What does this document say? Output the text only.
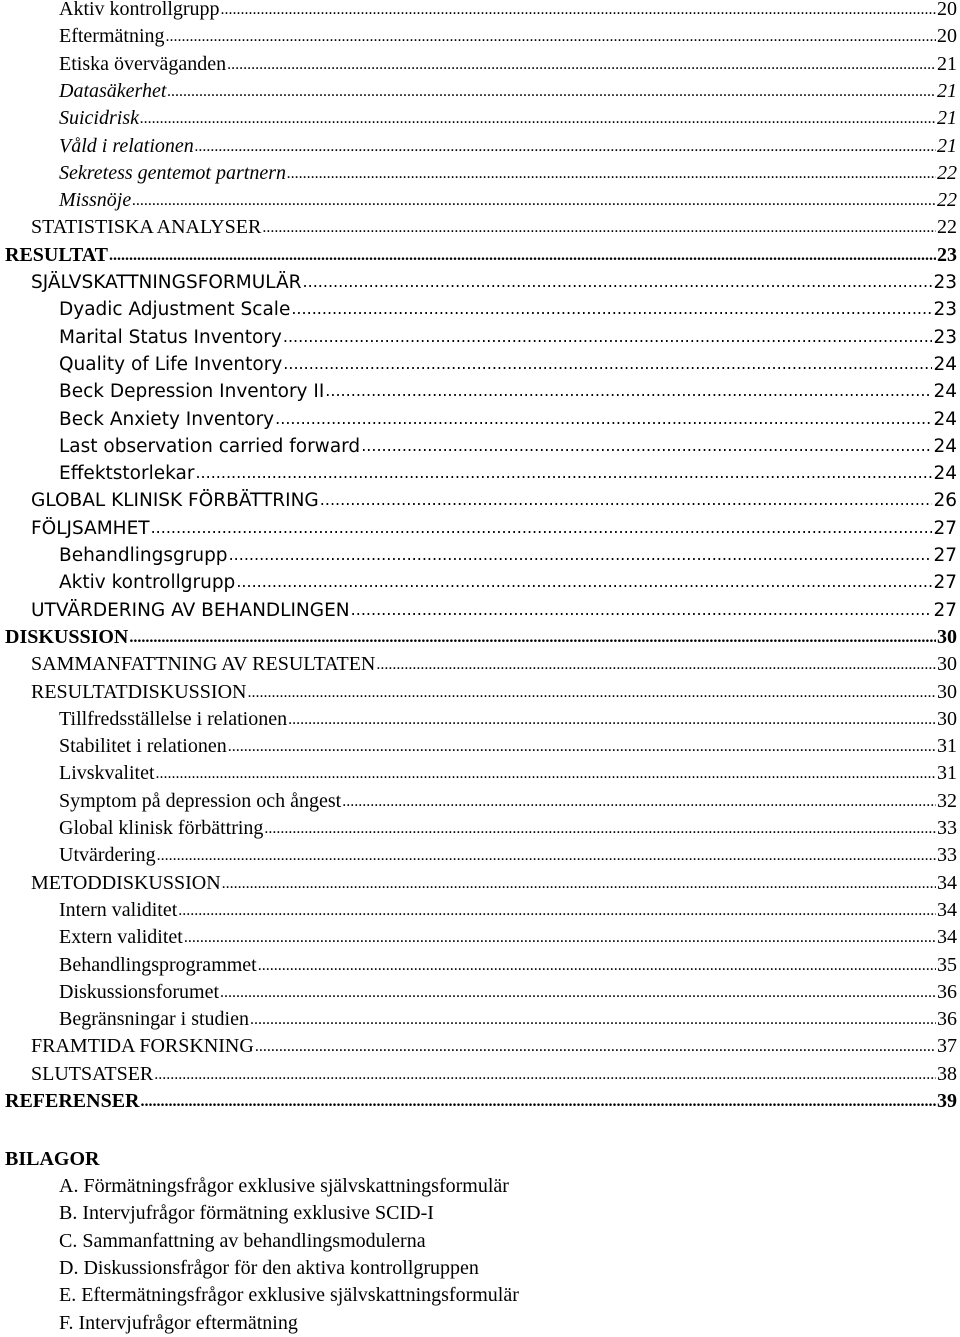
Aktiv kontrollgrupp .....	20
Eftermätning .....	20
Etiska överväganden .....	21
Datasäkerhet .....	21
Suicidrisk .....	21
Våld i relationen .....	21
Sekretess gentemot partnern .....	22
Missnöje .....	22
STATISTISKA ANALYSER .....	22
RESULTAT .....	23
SJÄLVSKATTNINGSFORMULÄR .....	23
Dyadic Adjustment Scale .....	23
Marital Status Inventory .....	23
Quality of Life Inventory .....	24
Beck Depression Inventory II .....	24
Beck Anxiety Inventory .....	24
Last observation carried forward .....	24
Effektstorlekar .....	24
GLOBAL KLINISK FÖRBÄTTRING .....	26
FÖLJSAMHET .....	27
Behandlingsgrupp .....	27
Aktiv kontrollgrupp .....	27
UTVÄRDERING AV BEHANDLINGEN .....	27
DISKUSSION .....	30
SAMMANFATTNING AV RESULTATEN .....	30
RESULTATDISKUSSION .....	30
Tillfredsställelse i relationen .....	30
Stabilitet i relationen .....	31
Livskvalitet .....	31
Symptom på depression och ångest .....	32
Global klinisk förbättring .....	33
Utvärdering .....	33
METODDISKUSSION .....	34
Intern validitet .....	34
Extern validitet .....	34
Behandlingsprogrammet .....	35
Diskussionsforumet .....	36
Begränsningar i studien .....	36
FRAMTIDA FORSKNING .....	37
SLUTSATSER .....	38
REFERENSER .....	39
BILAGOR
A. Förmätningsfrågor exklusive självskattningsformulär
B. Intervjufrågor förmätning exklusive SCID-I
C. Sammanfattning av behandlingsmodulerna
D. Diskussionsfrågor för den aktiva kontrollgruppen
E. Eftermätningsfrågor exklusive självskattningsformulär
F. Intervjufrågor eftermätning
